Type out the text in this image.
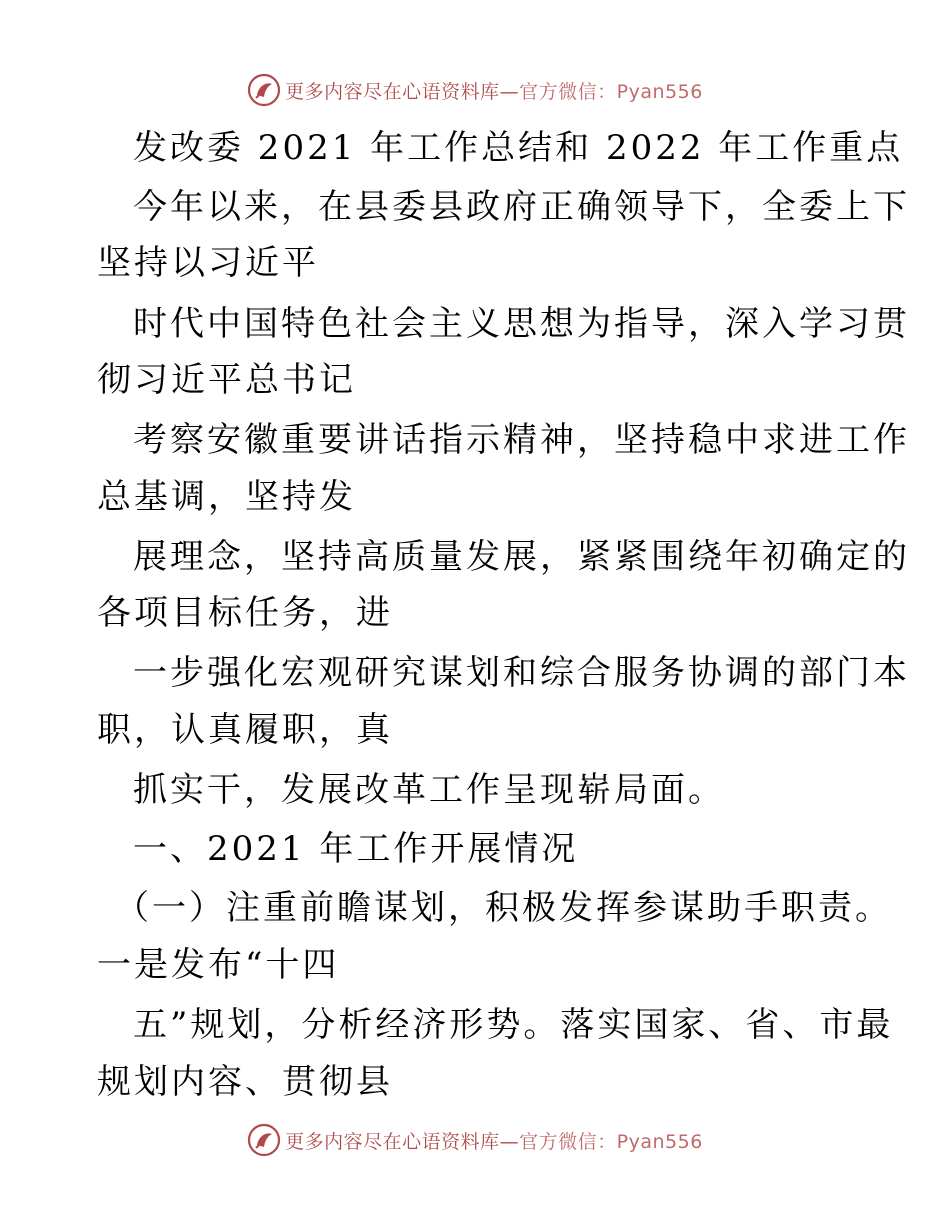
更多内容尽在心语资料库—官方微信：Pyan556
发改委 2021 年工作总结和 2022 年工作重点
今年以来，在县委县政府正确领导下，全委上下
坚持以习近平
时代中国特色社会主义思想为指导，深入学习贯
彻习近平总书记
考察安徽重要讲话指示精神，坚持稳中求进工作
总基调，坚持发
展理念，坚持高质量发展，紧紧围绕年初确定的
各项目标任务，进
一步强化宏观研究谋划和综合服务协调的部门本
职，认真履职，真
抓实干，发展改革工作呈现崭局面。
一、2021 年工作开展情况
（一）注重前瞻谋划，积极发挥参谋助手职责。
一是发布“十四
五”规划，分析经济形势。落实国家、省、市最
规划内容、贯彻县
更多内容尽在心语资料库—官方微信：Pyan556
